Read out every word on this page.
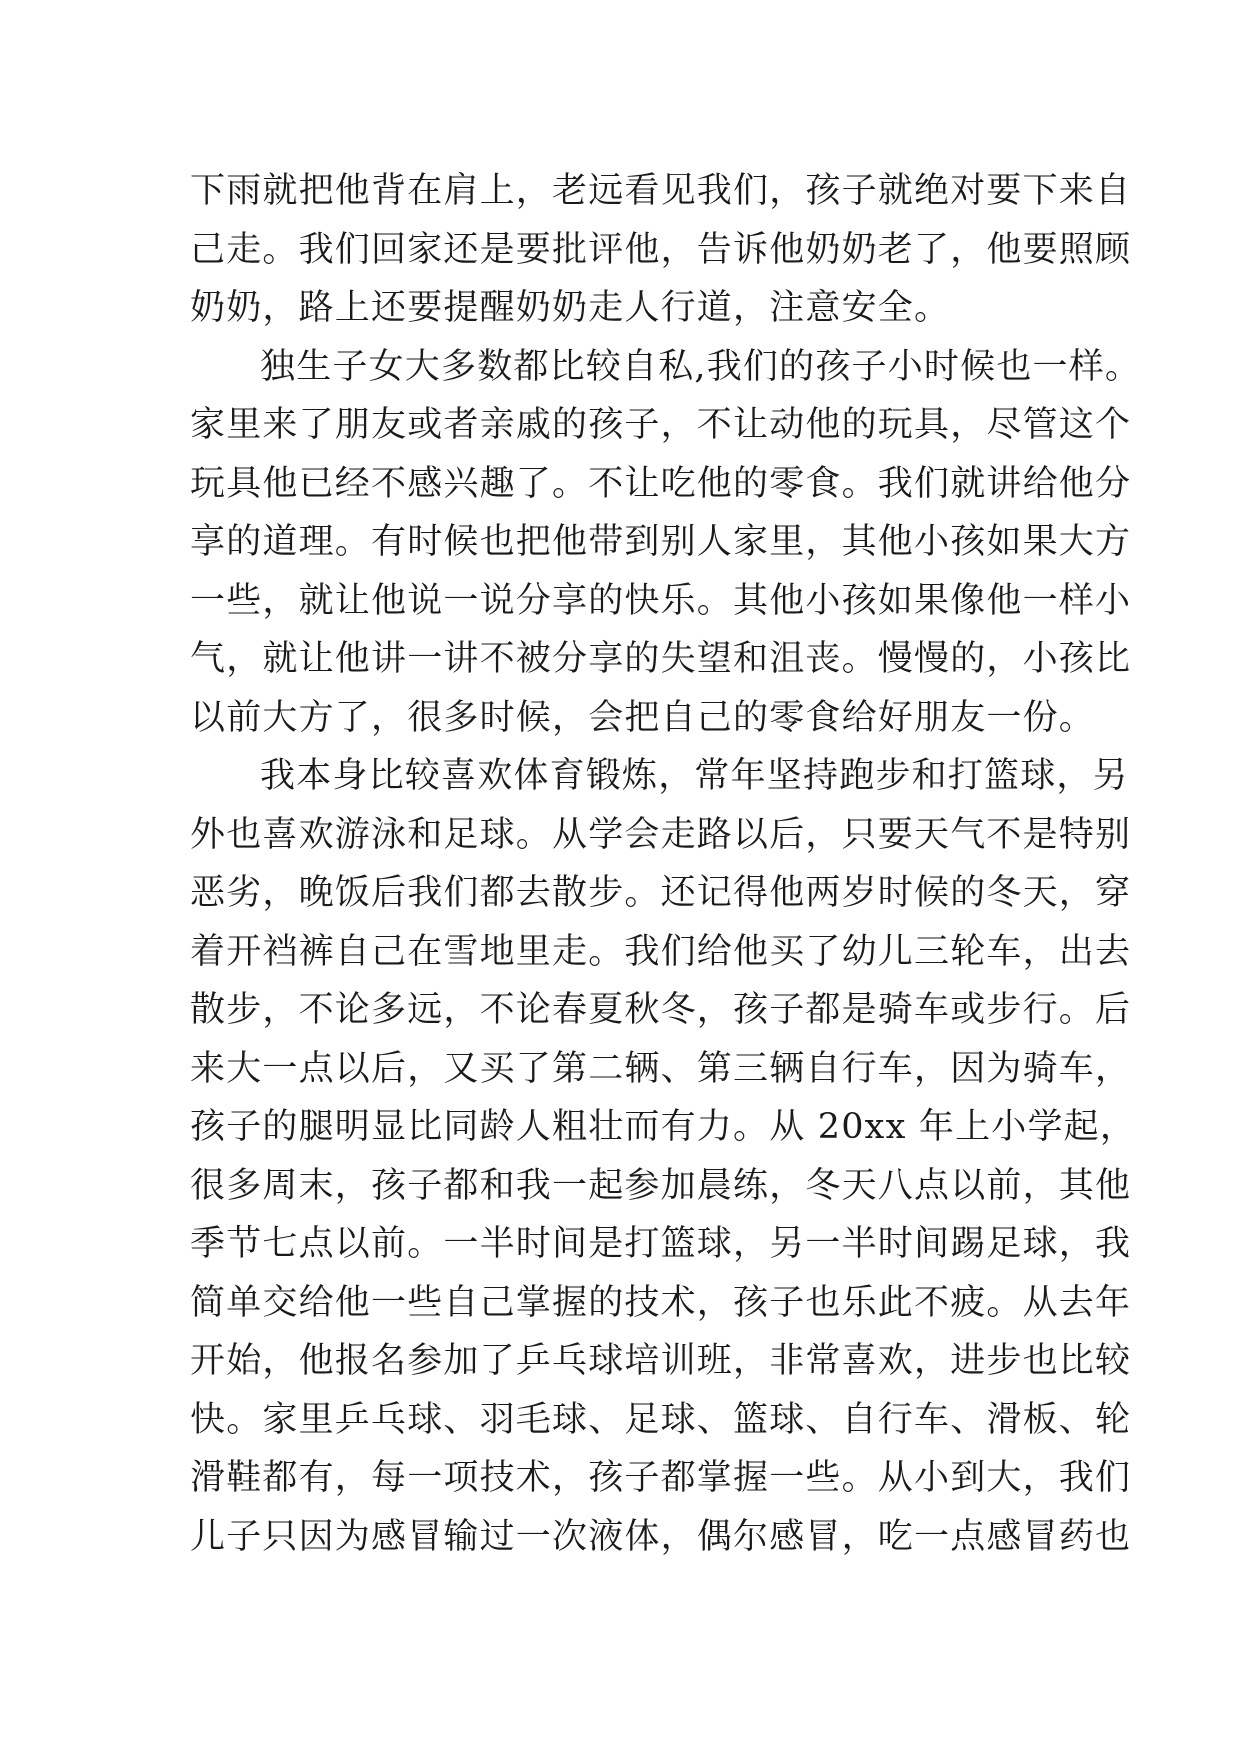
下雨就把他背在肩上，老远看见我们，孩子就绝对要下来自
己走。我们回家还是要批评他，告诉他奶奶老了，他要照顾
奶奶，路上还要提醒奶奶走人行道，注意安全。
独生子女大多数都比较自私,我们的孩子小时候也一样。
家里来了朋友或者亲戚的孩子，不让动他的玩具，尽管这个
玩具他已经不感兴趣了。不让吃他的零食。我们就讲给他分
享的道理。有时候也把他带到别人家里，其他小孩如果大方
一些，就让他说一说分享的快乐。其他小孩如果像他一样小
气，就让他讲一讲不被分享的失望和沮丧。慢慢的，小孩比
以前大方了，很多时候，会把自己的零食给好朋友一份。
我本身比较喜欢体育锻炼，常年坚持跑步和打篮球，另
外也喜欢游泳和足球。从学会走路以后，只要天气不是特别
恶劣，晚饭后我们都去散步。还记得他两岁时候的冬天，穿
着开裆裤自己在雪地里走。我们给他买了幼儿三轮车，出去
散步，不论多远，不论春夏秋冬，孩子都是骑车或步行。后
来大一点以后，又买了第二辆、第三辆自行车，因为骑车，
孩子的腿明显比同龄人粗壮而有力。从 20xx 年上小学起，
很多周末，孩子都和我一起参加晨练，冬天八点以前，其他
季节七点以前。一半时间是打篮球，另一半时间踢足球，我
简单交给他一些自己掌握的技术，孩子也乐此不疲。从去年
开始，他报名参加了乒乓球培训班，非常喜欢，进步也比较
快。家里乒乓球、羽毛球、足球、篮球、自行车、滑板、轮
滑鞋都有，每一项技术，孩子都掌握一些。从小到大，我们
儿子只因为感冒输过一次液体，偶尔感冒，吃一点感冒药也
